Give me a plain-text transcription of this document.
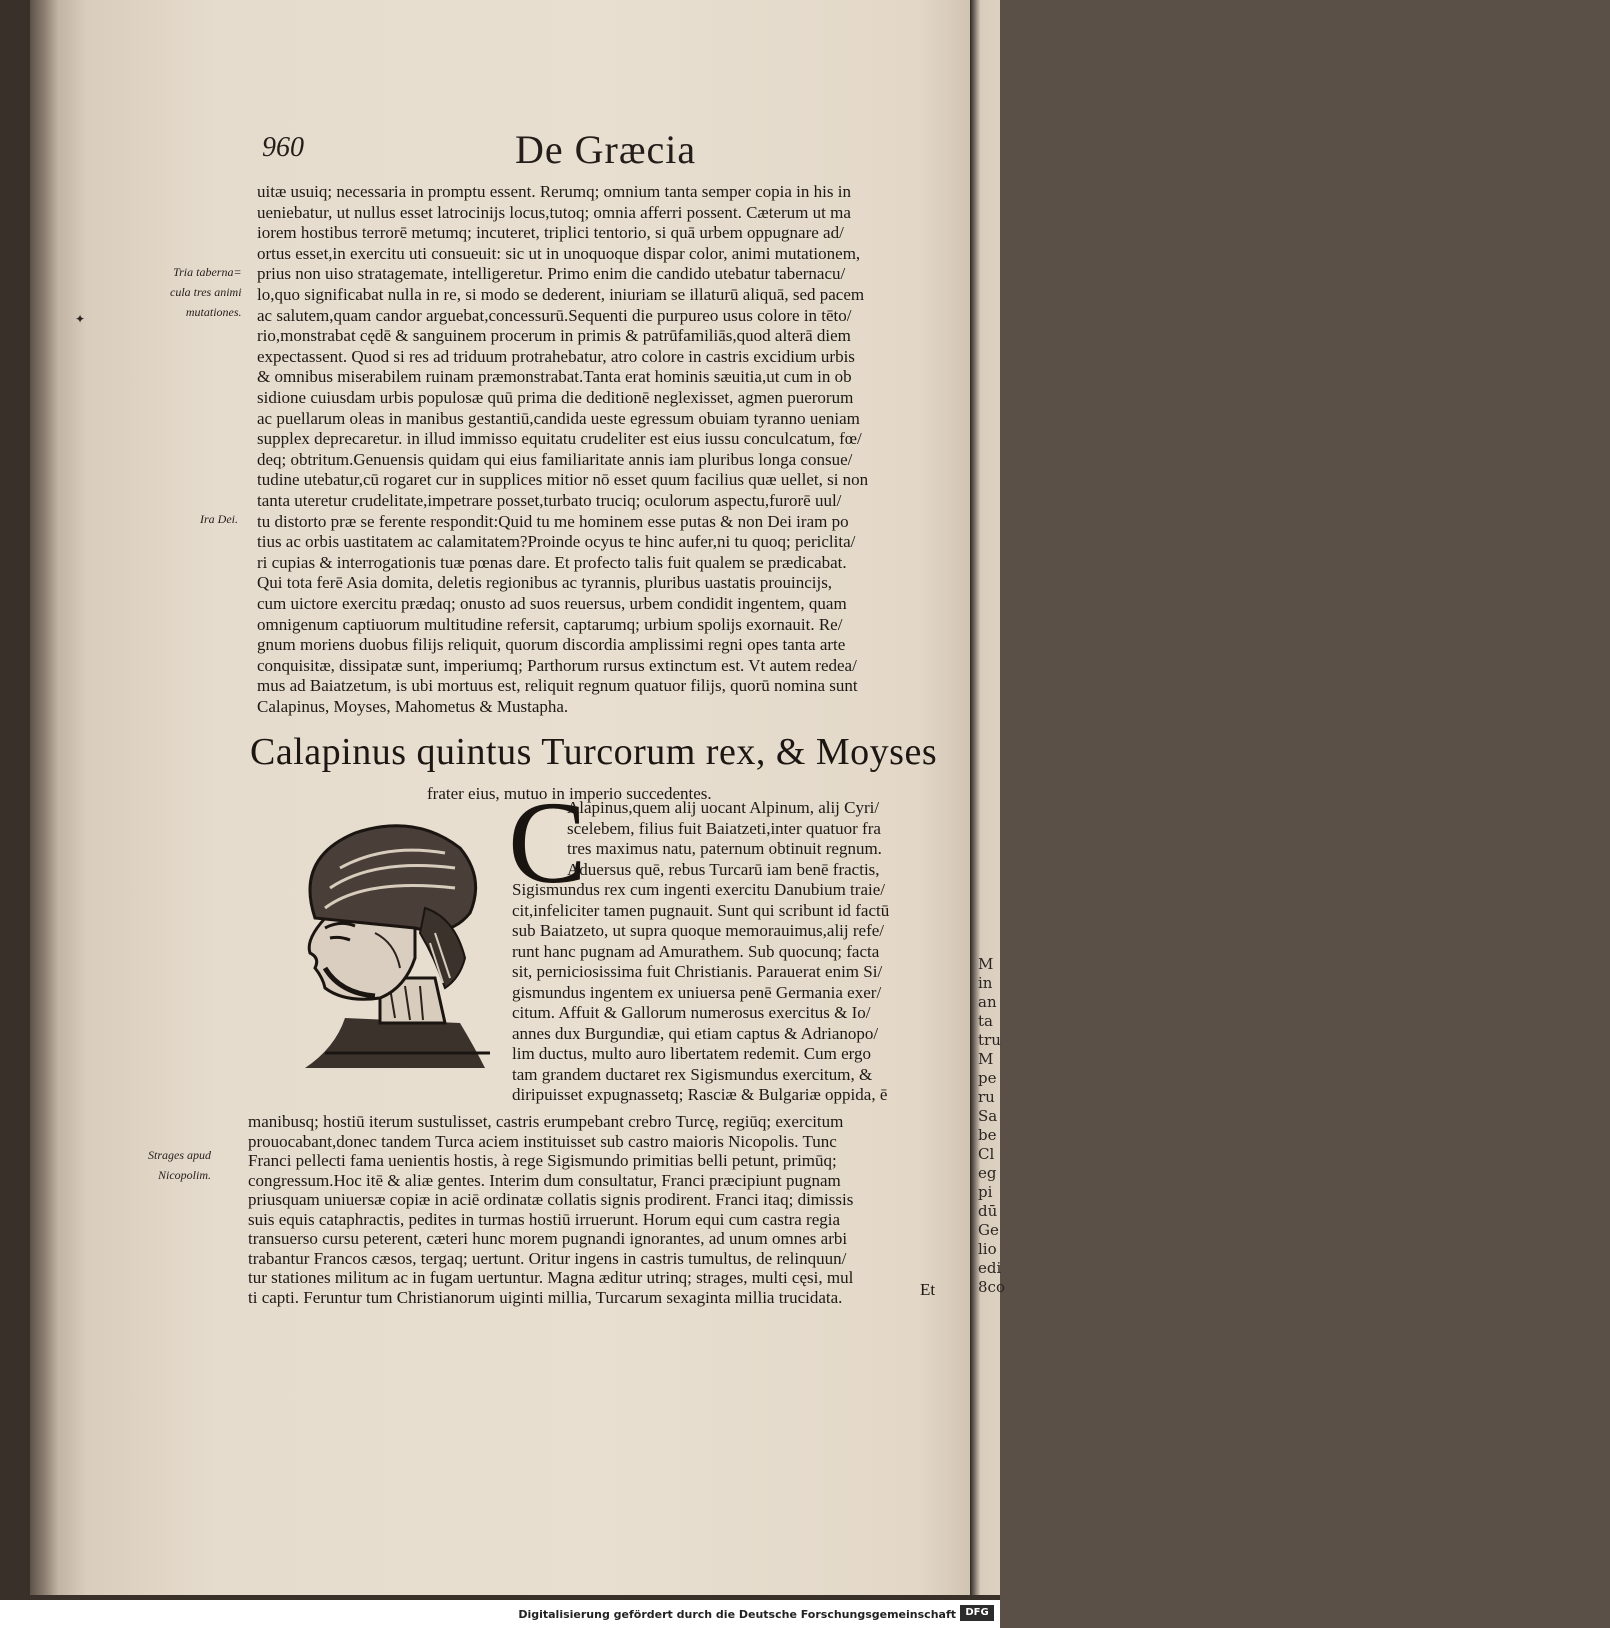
M
in
an
ta
tru
M
pe
ru
Sa
be
Cl
eg
pi
dū
Ge
lio
edi
8co
960	De Græcia
Tria taberna=
cula tres animi
mutationes.
✦
Ira Dei.
Calapinus quintus Turcorum rex, & Moyses
frater eius, mutuo in imperio succedentes.
C
Strages apud
Nicopolim.
Et
uitæ usuiq; necessaria in promptu essent. Rerumq; omnium tanta semper copia in his in
ueniebatur, ut nullus esset latrocinijs locus,tutoq; omnia afferri possent. Cæterum ut ma
iorem hostibus terrorē metumq; incuteret, triplici tentorio, si quā urbem oppugnare ad/
ortus esset,in exercitu uti consueuit: sic ut in unoquoque dispar color, animi mutationem,
prius non uiso stratagemate, intelligeretur. Primo enim die candido utebatur tabernacu/
lo,quo significabat nulla in re, si modo se dederent, iniuriam se illaturū aliquā, sed pacem
ac salutem,quam candor arguebat,concessurū.Sequenti die purpureo usus colore in tēto/
rio,monstrabat cędē & sanguinem procerum in primis & patrūfamiliās,quod alterā diem
expectassent. Quod si res ad triduum protrahebatur, atro colore in castris excidium urbis
& omnibus miserabilem ruinam præmonstrabat.Tanta erat hominis sæuitia,ut cum in ob
sidione cuiusdam urbis populosæ quū prima die deditionē neglexisset, agmen puerorum
ac puellarum oleas in manibus gestantiū,candida ueste egressum obuiam tyranno ueniam
supplex deprecaretur. in illud immisso equitatu crudeliter est eius iussu conculcatum, fœ/
deq; obtritum.Genuensis quidam qui eius familiaritate annis iam pluribus longa consue/
tudine utebatur,cū rogaret cur in supplices mitior nō esset quum facilius quæ uellet, si non
tanta uteretur crudelitate,impetrare posset,turbato truciq; oculorum aspectu,furorē uul/
tu distorto præ se ferente respondit:Quid tu me hominem esse putas & non Dei iram po
tius ac orbis uastitatem ac calamitatem?Proinde ocyus te hinc aufer,ni tu quoq; periclita/
ri cupias & interrogationis tuæ pœnas dare. Et profecto talis fuit qualem se prædicabat.
Qui tota ferē Asia domita, deletis regionibus ac tyrannis, pluribus uastatis prouincijs,
cum uictore exercitu prædaq; onusto ad suos reuersus, urbem condidit ingentem, quam
omnigenum captiuorum multitudine refersit, captarumq; urbium spolijs exornauit. Re/
gnum moriens duobus filijs reliquit, quorum discordia amplissimi regni opes tanta arte
conquisitæ, dissipatæ sunt, imperiumq; Parthorum rursus extinctum est. Vt autem redea/
mus ad Baiatzetum, is ubi mortuus est, reliquit regnum quatuor filijs, quorū nomina sunt
Calapinus, Moyses, Mahometus & Mustapha.
Alapinus,quem alij uocant Alpinum, alij Cyri/
scelebem, filius fuit Baiatzeti,inter quatuor fra
tres maximus natu, paternum obtinuit regnum.
Aduersus quē, rebus Turcarū iam benē fractis,
Sigismundus rex cum ingenti exercitu Danubium traie/
cit,infeliciter tamen pugnauit. Sunt qui scribunt id factū
sub Baiatzeto, ut supra quoque memorauimus,alij refe/
runt hanc pugnam ad Amurathem. Sub quocunq; facta
sit, perniciosissima fuit Christianis. Parauerat enim Si/
gismundus ingentem ex uniuersa penē Germania exer/
citum. Affuit & Gallorum numerosus exercitus & Io/
annes dux Burgundiæ, qui etiam captus & Adrianopo/
lim ductus, multo auro libertatem redemit. Cum ergo
tam grandem ductaret rex Sigismundus exercitum, &
diripuisset expugnassetq; Rasciæ & Bulgariæ oppida, ē
manibusq; hostiū iterum sustulisset, castris erumpebant crebro Turcę, regiūq; exercitum
prouocabant,donec tandem Turca aciem instituisset sub castro maioris Nicopolis. Tunc
Franci pellecti fama uenientis hostis, à rege Sigismundo primitias belli petunt, primūq;
congressum.Hoc itē & aliæ gentes. Interim dum consultatur, Franci præcipiunt pugnam
priusquam uniuersæ copiæ in aciē ordinatæ collatis signis prodirent. Franci itaq; dimissis
suis equis cataphractis, pedites in turmas hostiū irruerunt. Horum equi cum castra regia
transuerso cursu peterent, cæteri hunc morem pugnandi ignorantes, ad unum omnes arbi
trabantur Francos cæsos, tergaq; uertunt. Oritur ingens in castris tumultus, de relinquun/
tur stationes militum ac in fugam uertuntur. Magna æditur utrinq; strages, multi cęsi, mul
ti capti. Feruntur tum Christianorum uiginti millia, Turcarum sexaginta millia trucidata.
Digitalisierung gefördert durch die Deutsche Forschungsgemeinschaft DFG
